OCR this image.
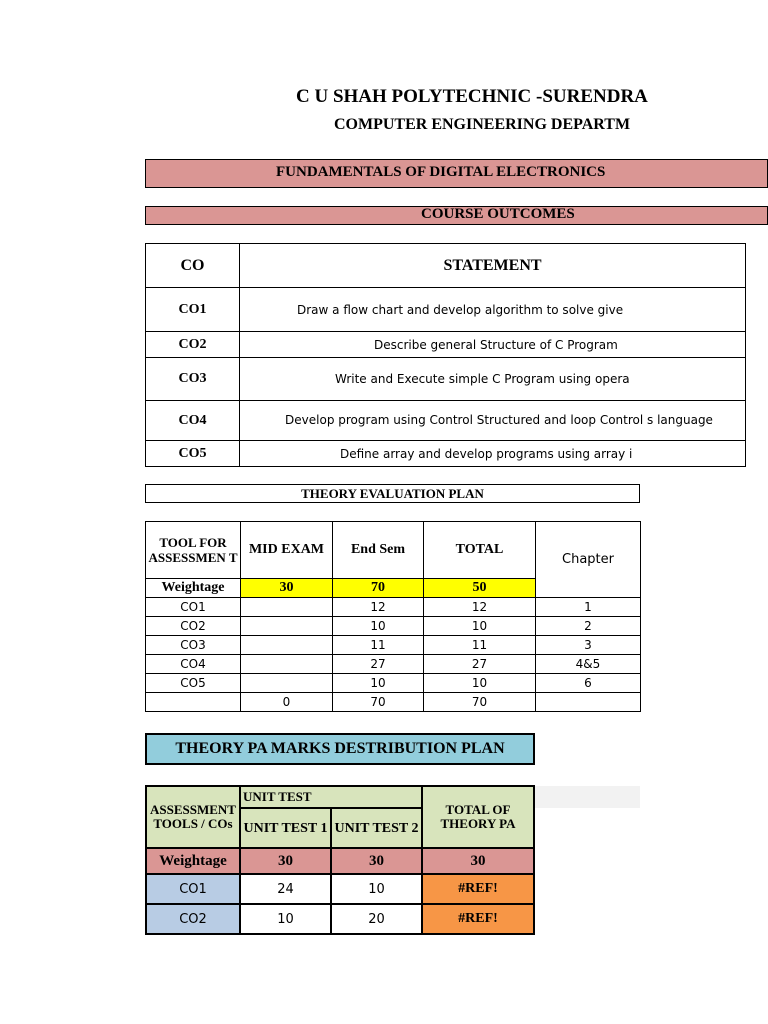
C U SHAH POLYTECHNIC -SURENDRA
COMPUTER ENGINEERING DEPARTM
FUNDAMENTALS OF DIGITAL ELECTRONICS
COURSE OUTCOMES
CO	STATEMENT
CO1	Draw a flow chart and develop algorithm to solve give
CO2	Describe general Structure of C Program
CO3	Write and Execute simple C Program using opera
CO4	Develop program using Control Structured and loop Control s language

CO5	Define array and develop programs using array i
THEORY EVALUATION PLAN
TOOL FOR ASSESSMEN T	MID EXAM	End Sem	TOTAL	Chapter
Weightage	30	70	50	
CO1		12	12	1
CO2		10	10	2
CO3		11	11	3
CO4		27	27	4&5
CO5		10	10	6
	0	70	70	
THEORY PA MARKS DESTRIBUTION PLAN
ASSESSMENT TOOLS / COs	UNIT TEST		TOTAL OF THEORY PA
	UNIT TEST 1	UNIT TEST 2	
Weightage	30	30	30
CO1	24	10	#REF!
CO2	10	20	#REF!
